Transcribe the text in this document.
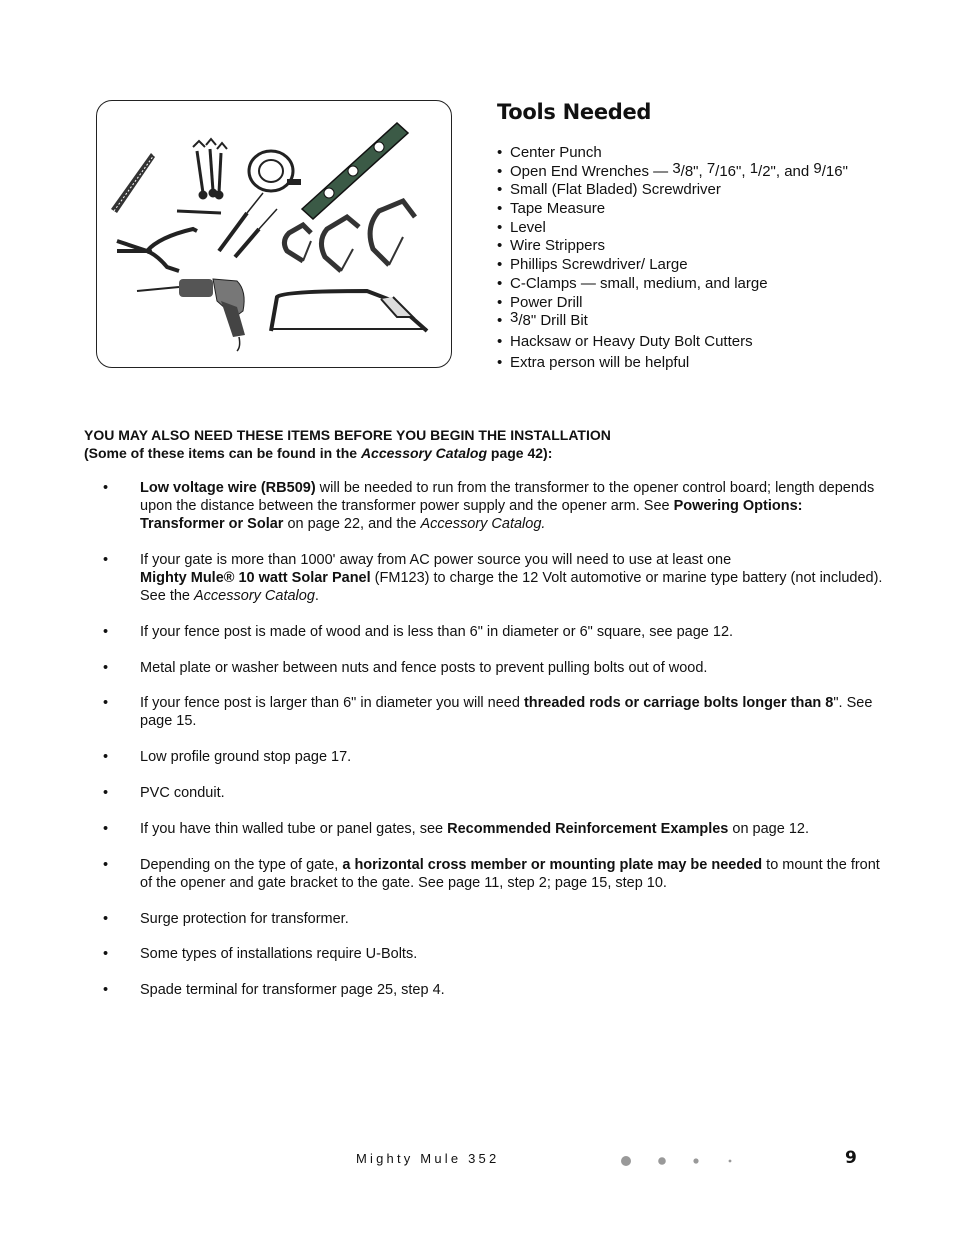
Tools Needed
• Center Punch
• Open End Wrenches — $^3$/8", $^7$/16", $^1$/2", and $^9$/16"
• Small (Flat Bladed) Screwdriver
• Tape Measure
• Level
• Wire Strippers
• Phillips Screwdriver/ Large
• C-Clamps — small, medium, and large
• Power Drill
• $^3$/8" Drill Bit
• Hacksaw or Heavy Duty Bolt Cutters
• Extra person will be helpful

YOU MAY ALSO NEED THESE ITEMS BEFORE YOU BEGIN THE INSTALLATION
(Some of these items can be found in the Accessory Catalog page 42):

• Low voltage wire (RB509) will be needed to run from the transformer to the opener control board; length depends upon the distance between the transformer power supply and the opener arm. See Powering Options: Transformer or Solar on page 22, and the Accessory Catalog.
• If your gate is more than 1000' away from AC power source you will need to use at least one
Mighty Mule® 10 watt Solar Panel (FM123) to charge the 12 Volt automotive or marine type battery (not included). See the Accessory Catalog.
• If your fence post is made of wood and is less than 6" in diameter or 6" square, see page 12.
• Metal plate or washer between nuts and fence posts to prevent pulling bolts out of wood.
• If your fence post is larger than 6" in diameter you will need threaded rods or carriage bolts longer than 8". See page 15.
• Low profile ground stop page 17.
• PVC conduit.
• If you have thin walled tube or panel gates, see Recommended Reinforcement Examples on page 12.
• Depending on the type of gate, a horizontal cross member or mounting plate may be needed to mount the front of the opener and gate bracket to the gate. See page 11, step 2; page 15, step 10.
• Surge protection for transformer.
• Some types of installations require U-Bolts.
• Spade terminal for transformer page 25, step 4.
Mighty Mule 352	9
